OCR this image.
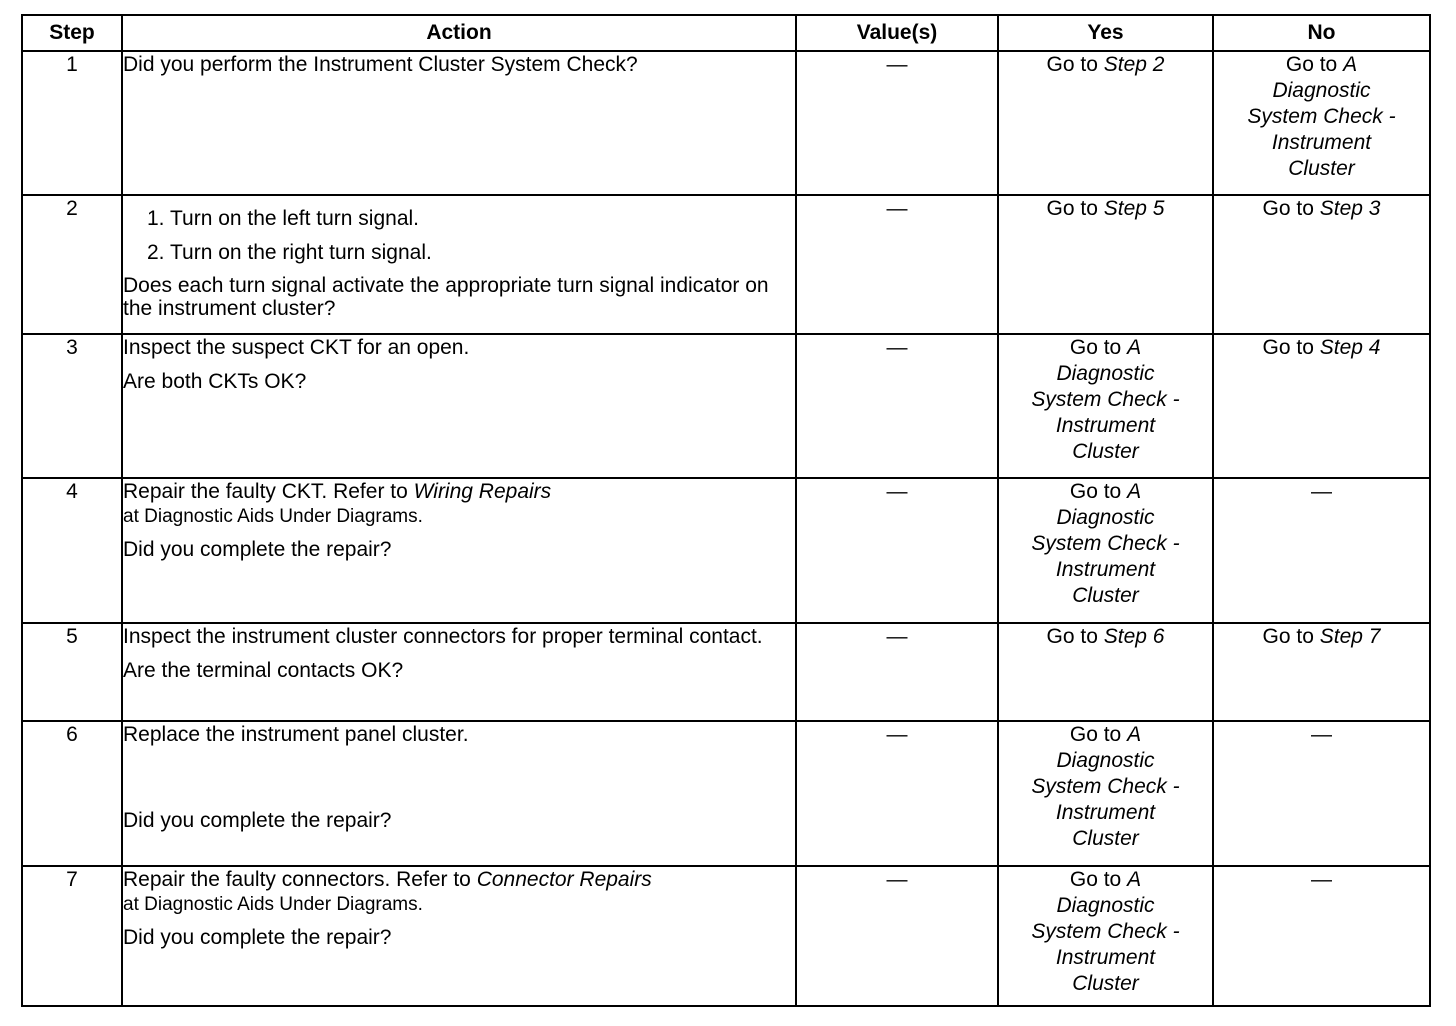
Step	Action	Value(s)	Yes	No
1	Did you perform the Instrument Cluster System Check?	—	Go to Step 2	Go to A
Diagnostic
System Check -
Instrument
Cluster

2	1. Turn on the left turn signal.
2. Turn on the right turn signal.
Does each turn signal activate the appropriate turn signal indicator on the instrument cluster?	—	Go to Step 5	Go to Step 3
3	Inspect the suspect CKT for an open.
Are both CKTs OK?	—	Go to A
Diagnostic
System Check -
Instrument
Cluster	Go to Step 4
4	Repair the faulty CKT. Refer to Wiring Repairs
at Diagnostic Aids Under Diagrams.
Did you complete the repair?	—	Go to A
Diagnostic
System Check -
Instrument
Cluster	—
5	Inspect the instrument cluster connectors for proper terminal contact.
Are the terminal contacts OK?	—	Go to Step 6	Go to Step 7
6	Replace the instrument panel cluster.
Did you complete the repair?	—	Go to A
Diagnostic
System Check -
Instrument
Cluster	—
7	Repair the faulty connectors. Refer to Connector Repairs
at Diagnostic Aids Under Diagrams.
Did you complete the repair?	—	Go to A
Diagnostic
System Check -
Instrument
Cluster	—
